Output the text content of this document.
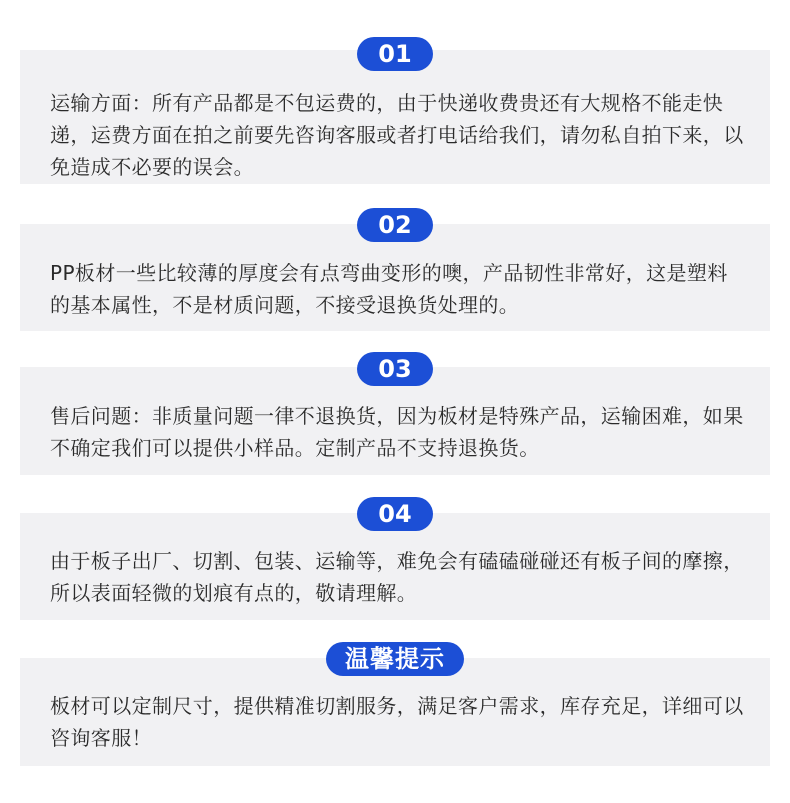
运输方面：所有产品都是不包运费的，由于快递收费贵还有大规格不能走快递，运费方面在拍之前要先咨询客服或者打电话给我们，请勿私自拍下来，以免造成不必要的误会。

01

PP板材一些比较薄的厚度会有点弯曲变形的噢，产品韧性非常好，这是塑料的基本属性，不是材质问题，不接受退换货处理的。

02

售后问题：非质量问题一律不退换货，因为板材是特殊产品，运输困难，如果不确定我们可以提供小样品。定制产品不支持退换货。

03

由于板子出厂、切割、包装、运输等，难免会有磕磕碰碰还有板子间的摩擦，所以表面轻微的划痕有点的，敬请理解。

04

板材可以定制尺寸，提供精准切割服务，满足客户需求，库存充足，详细可以咨询客服！

温馨提示
